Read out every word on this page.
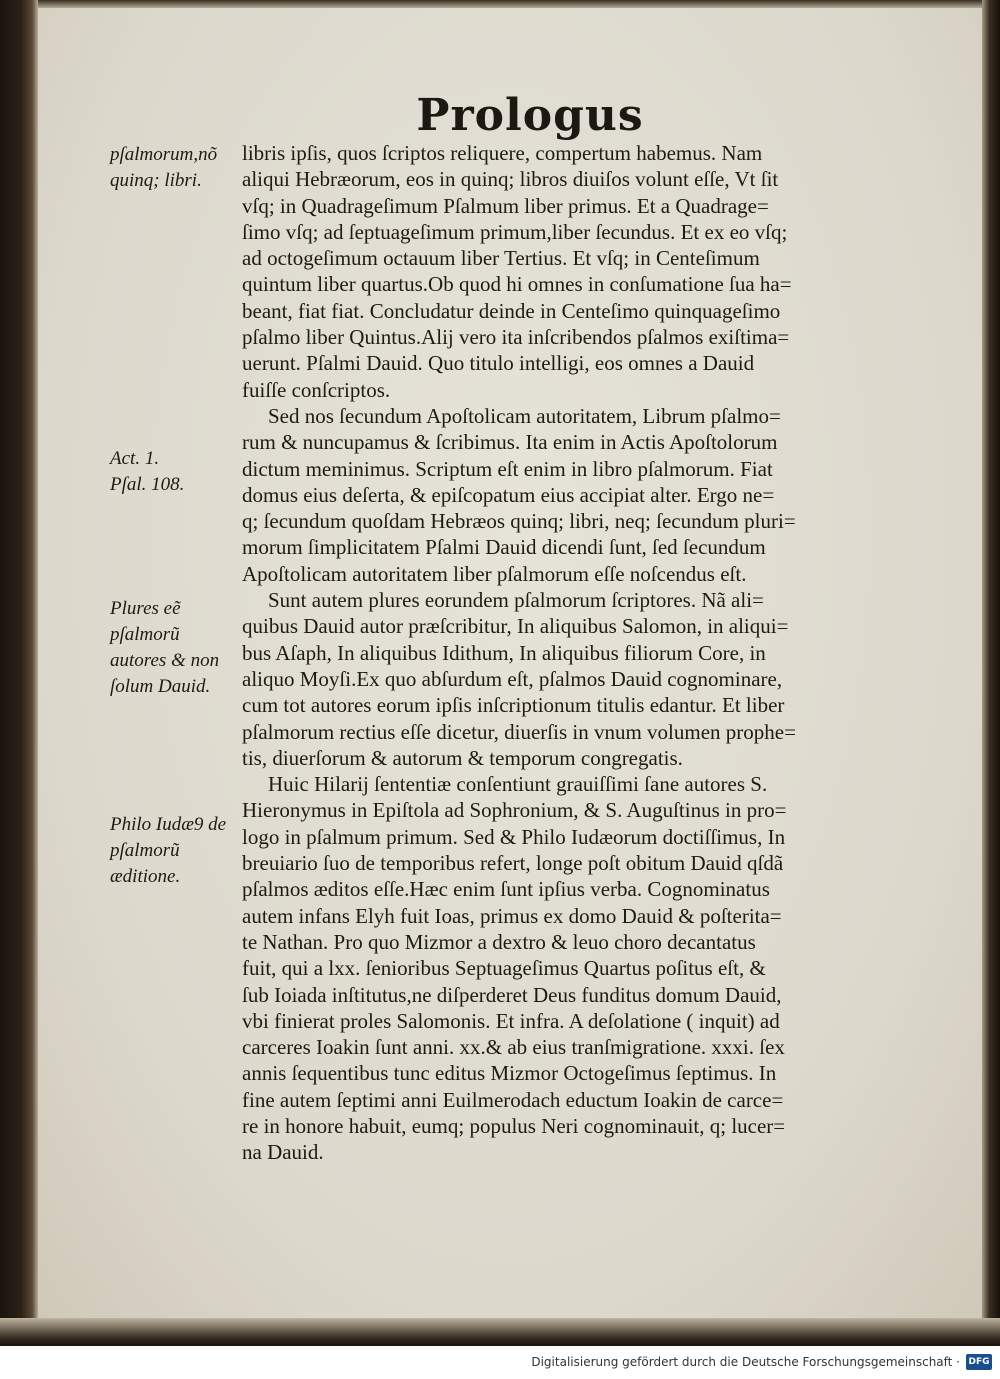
Prologus
pſalmorum,nõ quinq; libri.
Act. 1.
Pſal. 108.
Plures eẽ pſalmorũ autores & non ſolum Dauid.
Philo Iudæ9 de pſalmorũ æditione.
libris ipſis, quos ſcriptos reliquere, compertum habemus. Nam
aliqui Hebræorum, eos in quinq; libros diuiſos volunt eſſe, Vt ſit
vſq; in Quadrageſimum Pſalmum liber primus. Et a Quadrage=
ſimo vſq; ad ſeptuageſimum primum,liber ſecundus. Et ex eo vſq;
ad octogeſimum octauum liber Tertius. Et vſq; in Centeſimum
quintum liber quartus.Ob quod hi omnes in conſumatione ſua ha=
beant, fiat fiat. Concludatur deinde in Centeſimo quinquageſimo
pſalmo liber Quintus.Alij vero ita inſcribendos pſalmos exiſtima=
uerunt. Pſalmi Dauid. Quo titulo intelligi, eos omnes a Dauid
fuiſſe conſcriptos.
Sed nos ſecundum Apoſtolicam autoritatem, Librum pſalmo=
rum & nuncupamus & ſcribimus. Ita enim in Actis Apoſtolorum
dictum meminimus. Scriptum eſt enim in libro pſalmorum. Fiat
domus eius deſerta, & epiſcopatum eius accipiat alter. Ergo ne=
q; ſecundum quoſdam Hebræos quinq; libri, neq; ſecundum pluri=
morum ſimplicitatem Pſalmi Dauid dicendi ſunt, ſed ſecundum
Apoſtolicam autoritatem liber pſalmorum eſſe noſcendus eſt.
Sunt autem plures eorundem pſalmorum ſcriptores. Nã ali=
quibus Dauid autor præſcribitur, In aliquibus Salomon, in aliqui=
bus Aſaph, In aliquibus Idithum, In aliquibus filiorum Core, in
aliquo Moyſi.Ex quo abſurdum eſt, pſalmos Dauid cognominare,
cum tot autores eorum ipſis inſcriptionum titulis edantur. Et liber
pſalmorum rectius eſſe dicetur, diuerſis in vnum volumen prophe=
tis, diuerſorum & autorum & temporum congregatis.
Huic Hilarij ſententiæ conſentiunt grauiſſimi ſane autores S.
Hieronymus in Epiſtola ad Sophronium, & S. Auguſtinus in pro=
logo in pſalmum primum. Sed & Philo Iudæorum doctiſſimus, In
breuiario ſuo de temporibus refert, longe poſt obitum Dauid qſdã
pſalmos æditos eſſe.Hæc enim ſunt ipſius verba. Cognominatus
autem infans Elyh fuit Ioas, primus ex domo Dauid & poſterita=
te Nathan. Pro quo Mizmor a dextro & leuo choro decantatus
fuit, qui a lxx. ſenioribus Septuageſimus Quartus poſitus eſt, &
ſub Ioiada inſtitutus,ne diſperderet Deus funditus domum Dauid,
vbi finierat proles Salomonis. Et infra. A deſolatione ( inquit) ad
carceres Ioakin ſunt anni. xx.& ab eius tranſmigratione. xxxi. ſex
annis ſequentibus tunc editus Mizmor Octogeſimus ſeptimus. In
fine autem ſeptimi anni Euilmerodach eductum Ioakin de carce=
re in honore habuit, eumq; populus Neri cognominauit, q; lucer=
na Dauid.
Digitalisierung gefördert durch die Deutsche Forschungsgemeinschaft · DFG
